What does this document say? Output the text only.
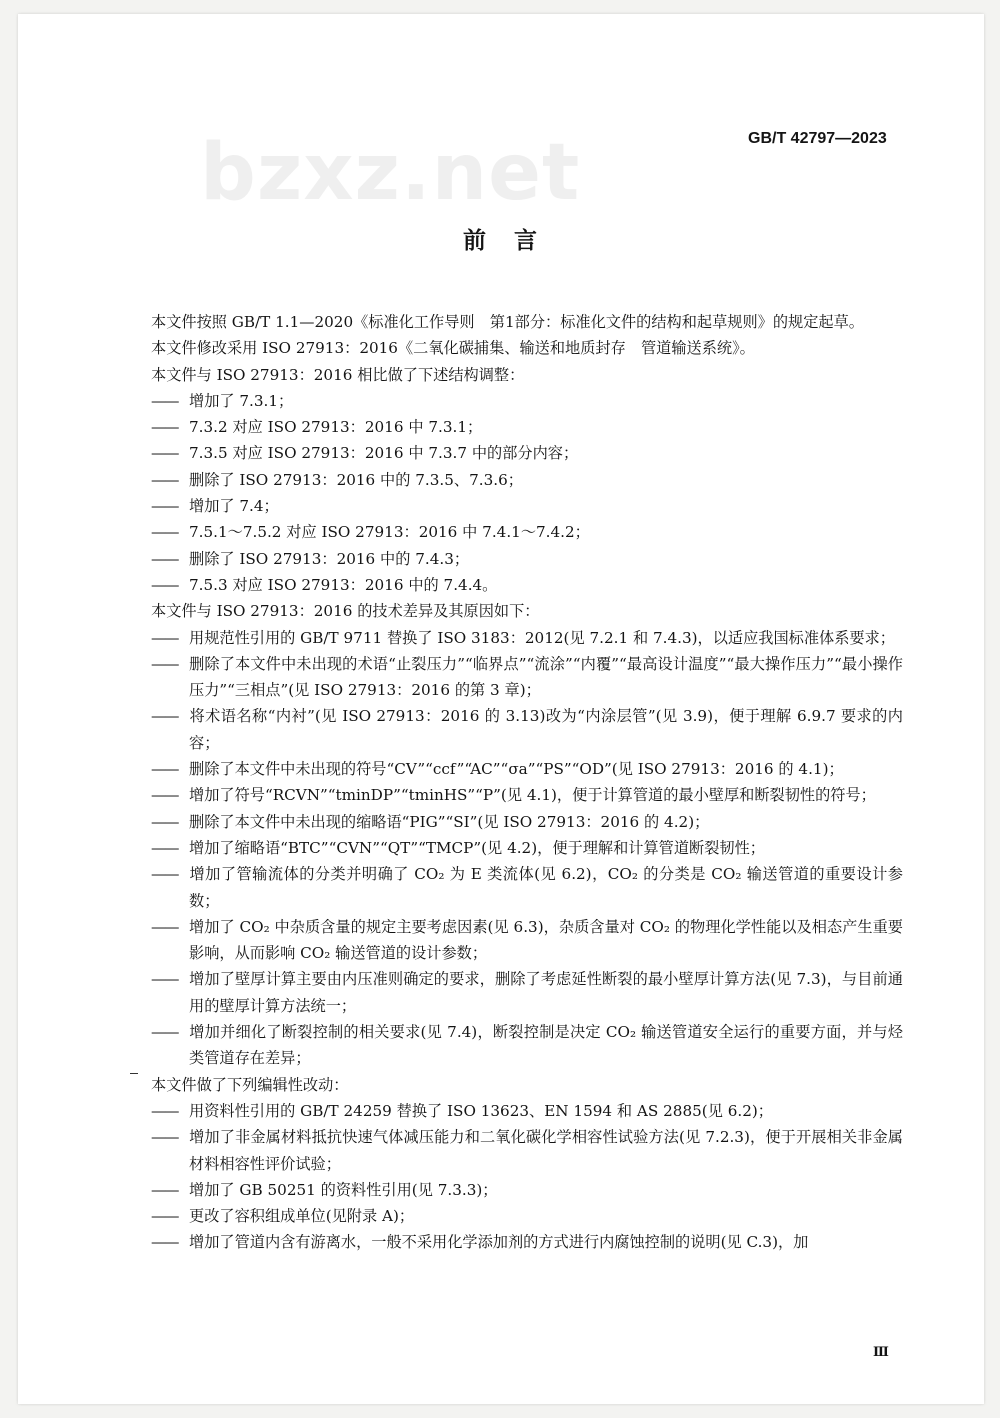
bzxz.net	GB/T 42797—2023
前言
本文件按照 GB/T 1.1—2020《标准化工作导则　第1部分：标准化文件的结构和起草规则》的规定起草。
本文件修改采用 ISO 27913：2016《二氧化碳捕集、输送和地质封存　管道输送系统》。
本文件与 ISO 27913：2016 相比做了下述结构调整：
—— 增加了 7.3.1；
—— 7.3.2 对应 ISO 27913：2016 中 7.3.1；
—— 7.3.5 对应 ISO 27913：2016 中 7.3.7 中的部分内容；
—— 删除了 ISO 27913：2016 中的 7.3.5、7.3.6；
—— 增加了 7.4；
—— 7.5.1～7.5.2 对应 ISO 27913：2016 中 7.4.1～7.4.2；
—— 删除了 ISO 27913：2016 中的 7.4.3；
—— 7.5.3 对应 ISO 27913：2016 中的 7.4.4。
本文件与 ISO 27913：2016 的技术差异及其原因如下：
—— 用规范性引用的 GB/T 9711 替换了 ISO 3183：2012(见 7.2.1 和 7.4.3)，以适应我国标准体系要求；
—— 删除了本文件中未出现的术语“止裂压力”“临界点”“流涂”“内覆”“最高设计温度”“最大操作压力”“最小操作压力”“三相点”(见 ISO 27913：2016 的第 3 章)；
—— 将术语名称“内衬”(见 ISO 27913：2016 的 3.13)改为“内涂层管”(见 3.9)，便于理解 6.9.7 要求的内容；
—— 删除了本文件中未出现的符号“CV”“ccf”“AC”“σa”“PS”“OD”(见 ISO 27913：2016 的 4.1)；
—— 增加了符号“RCVN”“tminDP”“tminHS”“P”(见 4.1)，便于计算管道的最小壁厚和断裂韧性的符号；
—— 删除了本文件中未出现的缩略语“PIG”“SI”(见 ISO 27913：2016 的 4.2)；
—— 增加了缩略语“BTC”“CVN”“QT”“TMCP”(见 4.2)，便于理解和计算管道断裂韧性；
—— 增加了管输流体的分类并明确了 CO₂ 为 E 类流体(见 6.2)，CO₂ 的分类是 CO₂ 输送管道的重要设计参数；
—— 增加了 CO₂ 中杂质含量的规定主要考虑因素(见 6.3)，杂质含量对 CO₂ 的物理化学性能以及相态产生重要影响，从而影响 CO₂ 输送管道的设计参数；
—— 增加了壁厚计算主要由内压准则确定的要求，删除了考虑延性断裂的最小壁厚计算方法(见 7.3)，与目前通用的壁厚计算方法统一；
—— 增加并细化了断裂控制的相关要求(见 7.4)，断裂控制是决定 CO₂ 输送管道安全运行的重要方面，并与烃类管道存在差异；
本文件做了下列编辑性改动：
—— 用资料性引用的 GB/T 24259 替换了 ISO 13623、EN 1594 和 AS 2885(见 6.2)；
—— 增加了非金属材料抵抗快速气体减压能力和二氧化碳化学相容性试验方法(见 7.2.3)，便于开展相关非金属材料相容性评价试验；
—— 增加了 GB 50251 的资料性引用(见 7.3.3)；
—— 更改了容积组成单位(见附录 A)；
—— 增加了管道内含有游离水，一般不采用化学添加剂的方式进行内腐蚀控制的说明(见 C.3)，加
Ⅲ
